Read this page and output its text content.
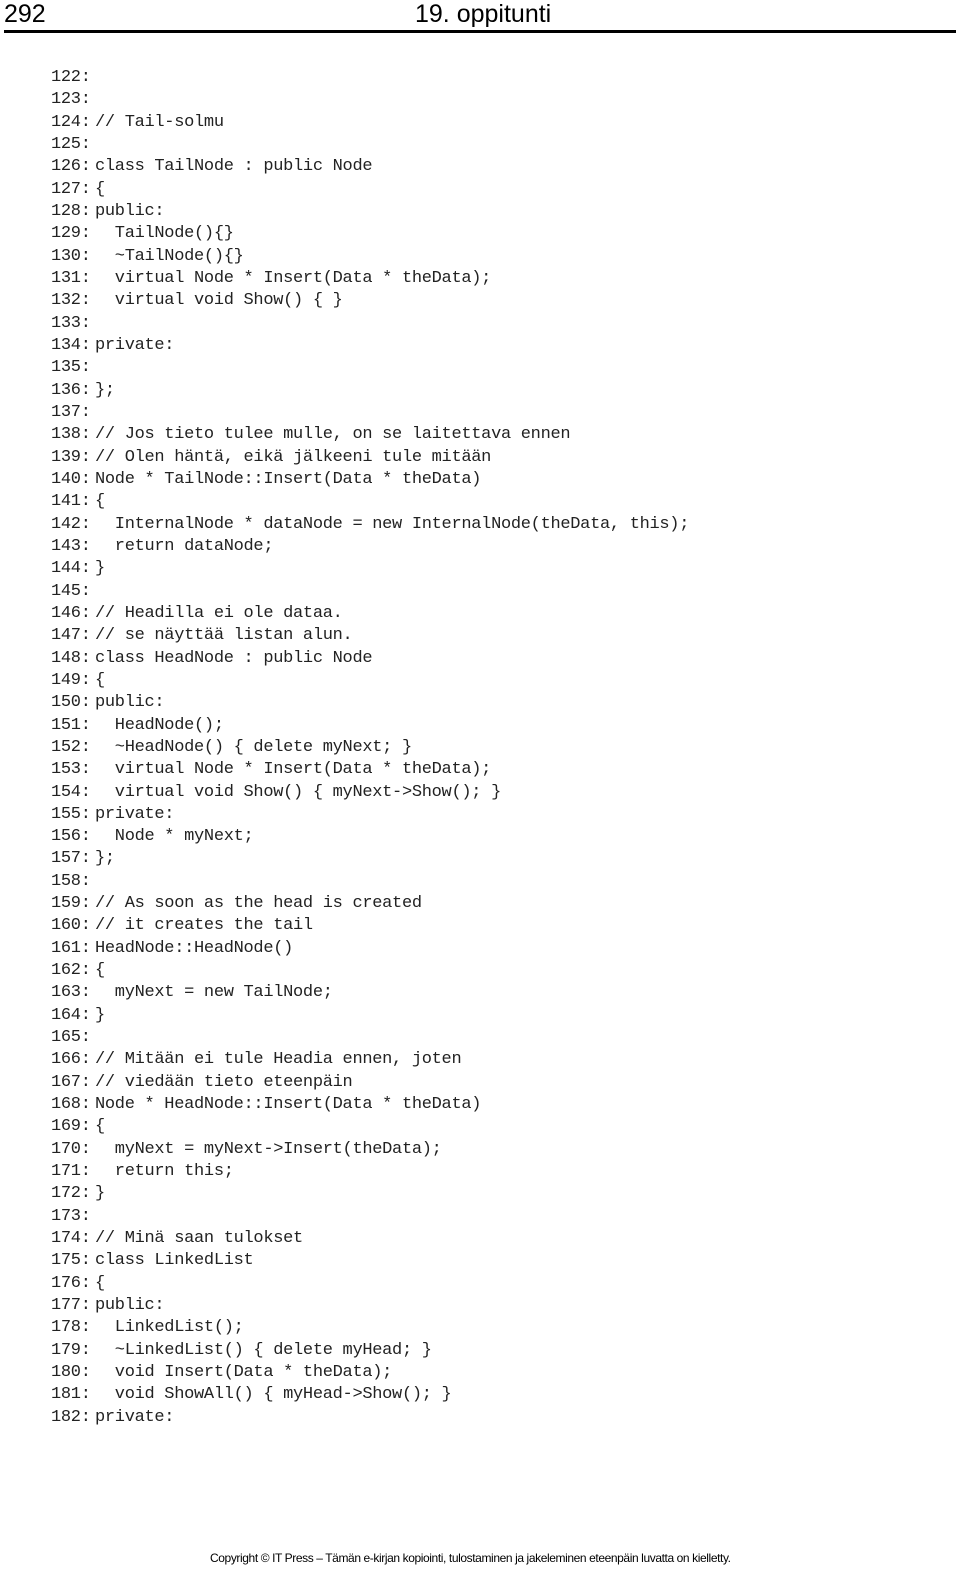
292	19. oppitunti
122:
123:
124: // Tail-solmu
125:
126: class TailNode : public Node
127: {
128: public:
129: TailNode(){}
130: ~TailNode(){}
131: virtual Node * Insert(Data * theData);
132: virtual void Show() { }
133:
134: private:
135:
136: };
137:
138: // Jos tieto tulee mulle, on se laitettava ennen
139: // Olen häntä, eikä jälkeeni tule mitään
140: Node * TailNode::Insert(Data * theData)
141: {
142: InternalNode * dataNode = new InternalNode(theData, this);
143: return dataNode;
144: }
145:
146: // Headilla ei ole dataa.
147: // se näyttää listan alun.
148: class HeadNode : public Node
149: {
150: public:
151: HeadNode();
152: ~HeadNode() { delete myNext; }
153: virtual Node * Insert(Data * theData);
154: virtual void Show() { myNext->Show(); }
155: private:
156: Node * myNext;
157: };
158:
159: // As soon as the head is created
160: // it creates the tail
161: HeadNode::HeadNode()
162: {
163: myNext = new TailNode;
164: }
165:
166: // Mitään ei tule Headia ennen, joten
167: // viedään tieto eteenpäin
168: Node * HeadNode::Insert(Data * theData)
169: {
170: myNext = myNext->Insert(theData);
171: return this;
172: }
173:
174: // Minä saan tulokset
175: class LinkedList
176: {
177: public:
178: LinkedList();
179: ~LinkedList() { delete myHead; }
180: void Insert(Data * theData);
181: void ShowAll() { myHead->Show(); }
182: private:
Copyright © IT Press – Tämän e-kirjan kopiointi, tulostaminen ja jakeleminen eteenpäin luvatta on kielletty.
